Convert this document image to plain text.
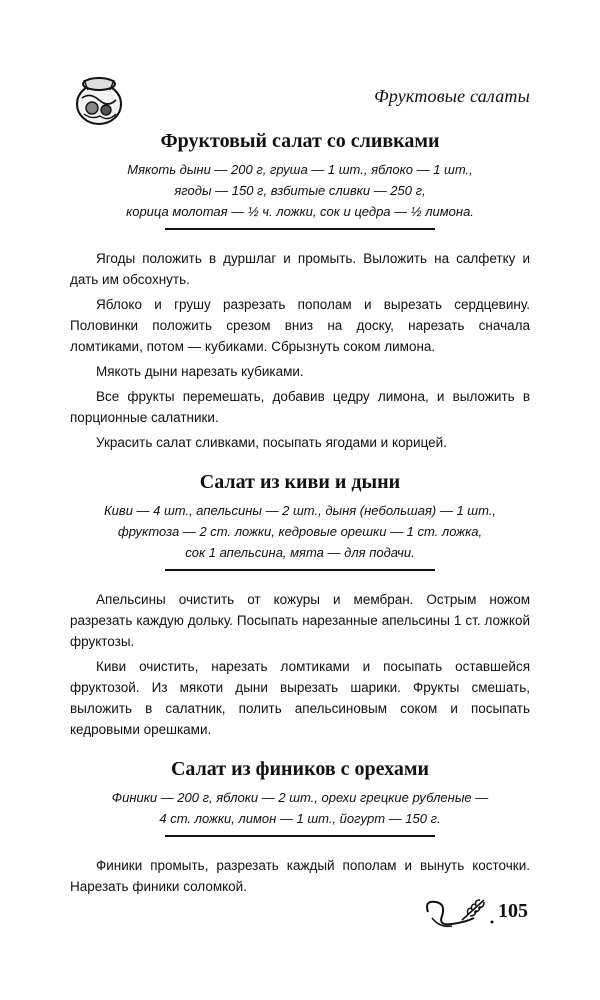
Фруктовые салаты
Фруктовый салат со сливками
Мякоть дыни — 200 г, груша — 1 шт., яблоко — 1 шт.,
ягоды — 150 г, взбитые сливки — 250 г,
корица молотая — ½ ч. ложки, сок и цедра — ½ лимона.

Ягоды положить в дуршлаг и промыть. Выложить на салфетку и дать им обсохнуть.

Яблоко и грушу разрезать пополам и вырезать сердцевину. Половинки положить срезом вниз на доску, нарезать сначала ломтиками, потом — кубиками. Сбрызнуть соком лимона.

Мякоть дыни нарезать кубиками.

Все фрукты перемешать, добавив цедру лимона, и выложить в порционные салатники.

Украсить салат сливками, посыпать ягодами и корицей.

Салат из киви и дыни
Киви — 4 шт., апельсины — 2 шт., дыня (небольшая) — 1 шт.,
фруктоза — 2 ст. ложки, кедровые орешки — 1 ст. ложка,
сок 1 апельсина, мята — для подачи.

Апельсины очистить от кожуры и мембран. Острым ножом разрезать каждую дольку. Посыпать нарезанные апельсины 1 ст. ложкой фруктозы.

Киви очистить, нарезать ломтиками и посыпать оставшейся фруктозой. Из мякоти дыни вырезать шарики. Фрукты смешать, выложить в салатник, полить апельсиновым соком и посыпать кедровыми орешками.

Салат из фиников с орехами
Финики — 200 г, яблоки — 2 шт., орехи грецкие рубленые —
4 ст. ложки, лимон — 1 шт., йогурт — 150 г.

Финики промыть, разрезать каждый пополам и вынуть косточки. Нарезать финики соломкой.

105
